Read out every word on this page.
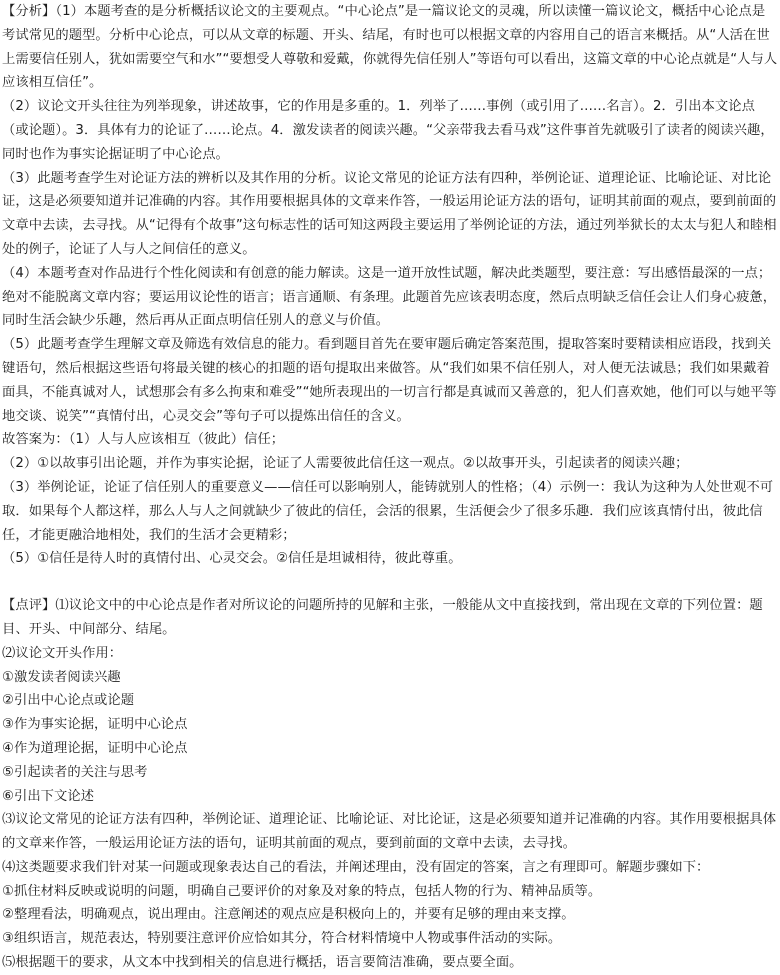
【分析】（1）本题考查的是分析概括议论文的主要观点。“中心论点”是一篇议论文的灵魂，所以读懂一篇议论文，概括中心论点是考试常见的题型。分析中心论点，可以从文章的标题、开头、结尾，有时也可以根据文章的内容用自己的语言来概括。从“人活在世上需要信任别人，犹如需要空气和水”“要想受人尊敬和爱戴，你就得先信任别人”等语句可以看出，这篇文章的中心论点就是“人与人应该相互信任”。

（2）议论文开头往往为列举现象，讲述故事，它的作用是多重的。1．列举了……事例（或引用了……名言）。2．引出本文论点（或论题）。3．具体有力的论证了……论点。4．激发读者的阅读兴趣。“父亲带我去看马戏”这件事首先就吸引了读者的阅读兴趣，同时也作为事实论据证明了中心论点。

（3）此题考查学生对论证方法的辨析以及其作用的分析。议论文常见的论证方法有四种，举例论证、道理论证、比喻论证、对比论证，这是必须要知道并记准确的内容。其作用要根据具体的文章来作答，一般运用论证方法的语句，证明其前面的观点，要到前面的文章中去读，去寻找。从“记得有个故事”这句标志性的话可知这两段主要运用了举例论证的方法，通过列举狱长的太太与犯人和睦相处的例子，论证了人与人之间信任的意义。

（4）本题考查对作品进行个性化阅读和有创意的能力解读。这是一道开放性试题，解决此类题型，要注意：写出感悟最深的一点；绝对不能脱离文章内容；要运用议论性的语言；语言通顺、有条理。此题首先应该表明态度，然后点明缺乏信任会让人们身心疲惫，同时生活会缺少乐趣，然后再从正面点明信任别人的意义与价值。

（5）此题考查学生理解文章及筛选有效信息的能力。看到题目首先在要审题后确定答案范围，提取答案时要精读相应语段，找到关键语句，然后根据这些语句将最关键的核心的扣题的语句提取出来做答。从“我们如果不信任别人，对人便无法诚恳；我们如果戴着面具，不能真诚对人，试想那会有多么拘束和难受”“她所表现出的一切言行都是真诚而又善意的，犯人们喜欢她，他们可以与她平等地交谈、说笑”“真情付出，心灵交会”等句子可以提炼出信任的含义。

故答案为：（1）人与人应该相互（彼此）信任；

（2）①以故事引出论题，并作为事实论据，论证了人需要彼此信任这一观点。②以故事开头，引起读者的阅读兴趣；

（3）举例论证，论证了信任别人的重要意义——信任可以影响别人，能铸就别人的性格；（4）示例一：我认为这种为人处世观不可取．如果每个人都这样，那么人与人之间就缺少了彼此的信任，会活的很累，生活便会少了很多乐趣．我们应该真情付出，彼此信任，才能更融洽地相处，我们的生活才会更精彩；

（5）①信任是待人时的真情付出、心灵交会。②信任是坦诚相待，彼此尊重。

【点评】⑴议论文中的中心论点是作者对所议论的问题所持的见解和主张，一般能从文中直接找到，常出现在文章的下列位置：题目、开头、中间部分、结尾。

⑵议论文开头作用：

①激发读者阅读兴趣

②引出中心论点或论题

③作为事实论据，证明中心论点

④作为道理论据，证明中心论点

⑤引起读者的关注与思考

⑥引出下文论述

⑶议论文常见的论证方法有四种，举例论证、道理论证、比喻论证、对比论证，这是必须要知道并记准确的内容。其作用要根据具体的文章来作答，一般运用论证方法的语句，证明其前面的观点，要到前面的文章中去读，去寻找。

⑷这类题要求我们针对某一问题或现象表达自己的看法，并阐述理由，没有固定的答案，言之有理即可。解题步骤如下：

①抓住材料反映或说明的问题，明确自己要评价的对象及对象的特点，包括人物的行为、精神品质等。

②整理看法，明确观点，说出理由。注意阐述的观点应是积极向上的，并要有足够的理由来支撑。

③组织语言，规范表达，特别要注意评价应恰如其分，符合材料情境中人物或事件活动的实际。

⑸根据题干的要求，从文本中找到相关的信息进行概括，语言要简洁准确，要点要全面。
